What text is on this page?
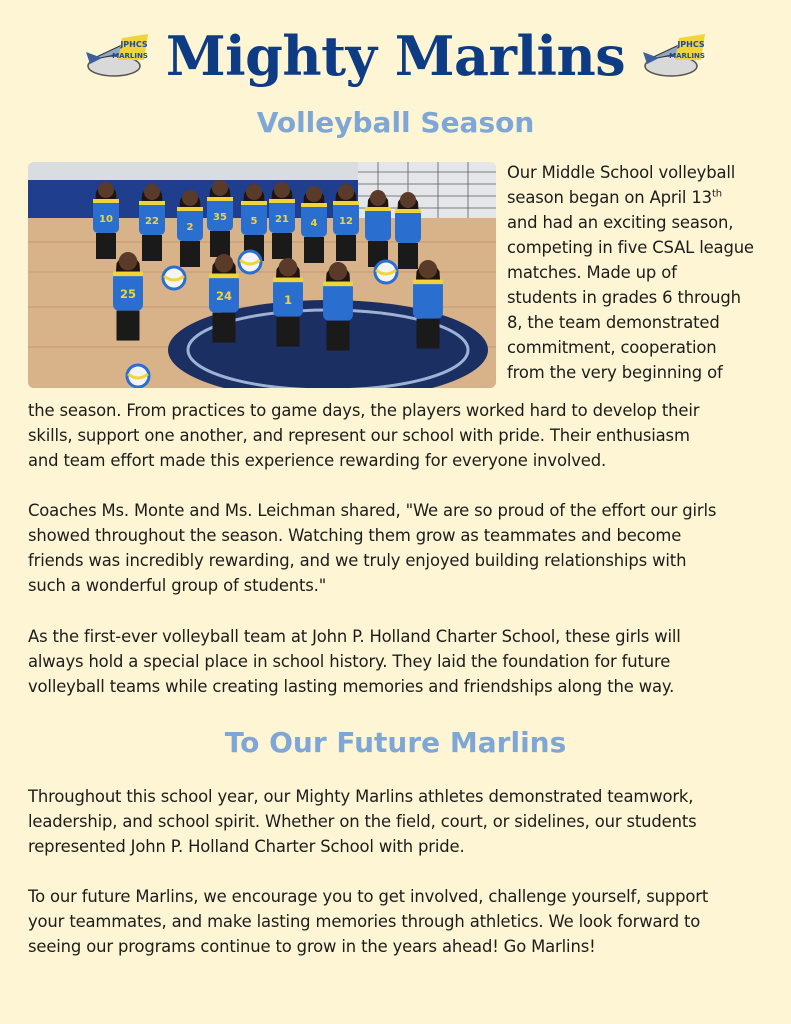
JPHCS
MARLINS Mighty Marlins	JPHCS
MARLINS
Volleyball Season
10	22
2
35 5 21 4 12
25	24	1
Our Middle School volleyball
season began on April 13th
and had an exciting season,
competing in five CSAL league
matches. Made up of
students in grades 6 through
8, the team demonstrated
commitment, cooperation
from the very beginning of
the season. From practices to game days, the players worked hard to develop their
skills, support one another, and represent our school with pride. Their enthusiasm
and team effort made this experience rewarding for everyone involved.
Coaches Ms. Monte and Ms. Leichman shared, "We are so proud of the effort our girls
showed throughout the season. Watching them grow as teammates and become
friends was incredibly rewarding, and we truly enjoyed building relationships with
such a wonderful group of students."
As the first-ever volleyball team at John P. Holland Charter School, these girls will
always hold a special place in school history. They laid the foundation for future
volleyball teams while creating lasting memories and friendships along the way.
To Our Future Marlins
Throughout this school year, our Mighty Marlins athletes demonstrated teamwork,
leadership, and school spirit. Whether on the field, court, or sidelines, our students
represented John P. Holland Charter School with pride.
To our future Marlins, we encourage you to get involved, challenge yourself, support
your teammates, and make lasting memories through athletics. We look forward to
seeing our programs continue to grow in the years ahead! Go Marlins!
